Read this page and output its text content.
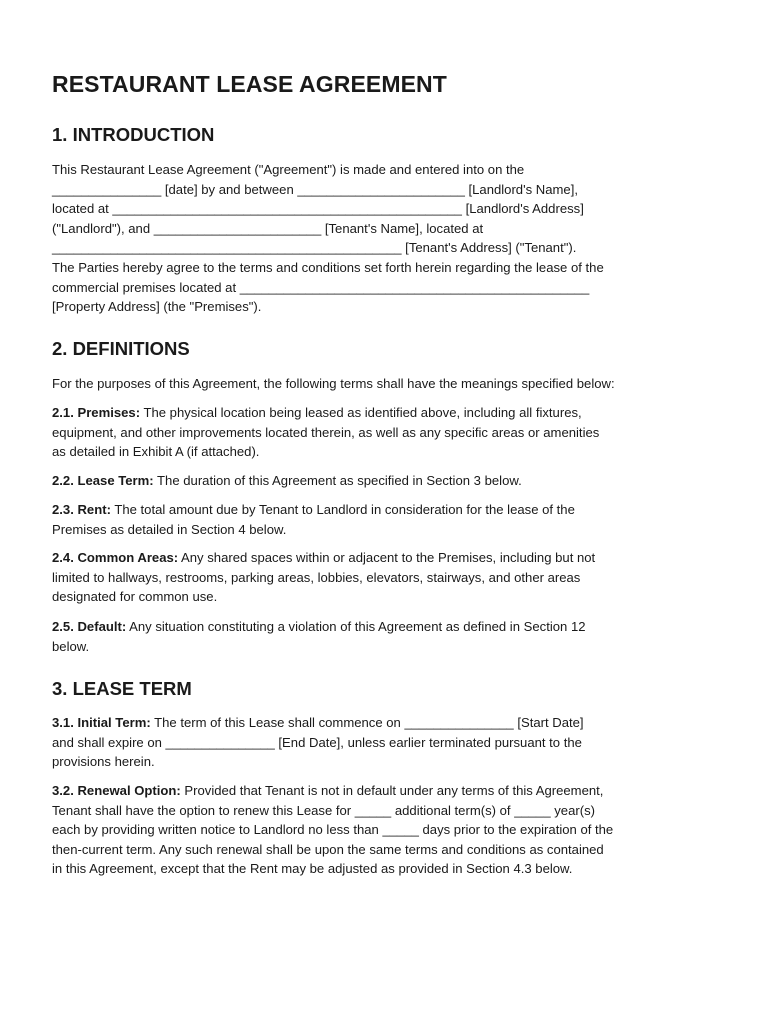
RESTAURANT LEASE AGREEMENT
1. INTRODUCTION
This Restaurant Lease Agreement ("Agreement") is made and entered into on the
_______________ [date] by and between _______________________ [Landlord's Name],
located at ________________________________________________ [Landlord's Address]
("Landlord"), and _______________________ [Tenant's Name], located at
________________________________________________ [Tenant's Address] ("Tenant").
The Parties hereby agree to the terms and conditions set forth herein regarding the lease of the
commercial premises located at ________________________________________________
[Property Address] (the "Premises").
2. DEFINITIONS

For the purposes of this Agreement, the following terms shall have the meanings specified below:

2.1. Premises: The physical location being leased as identified above, including all fixtures,
equipment, and other improvements located therein, as well as any specific areas or amenities
as detailed in Exhibit A (if attached).
2.2. Lease Term: The duration of this Agreement as specified in Section 3 below.
2.3. Rent: The total amount due by Tenant to Landlord in consideration for the lease of the
Premises as detailed in Section 4 below.
2.4. Common Areas: Any shared spaces within or adjacent to the Premises, including but not
limited to hallways, restrooms, parking areas, lobbies, elevators, stairways, and other areas
designated for common use.
2.5. Default: Any situation constituting a violation of this Agreement as defined in Section 12
below.
3. LEASE TERM
3.1. Initial Term: The term of this Lease shall commence on _______________ [Start Date]
and shall expire on _______________ [End Date], unless earlier terminated pursuant to the
provisions herein.
3.2. Renewal Option: Provided that Tenant is not in default under any terms of this Agreement,
Tenant shall have the option to renew this Lease for _____ additional term(s) of _____ year(s)
each by providing written notice to Landlord no less than _____ days prior to the expiration of the
then-current term. Any such renewal shall be upon the same terms and conditions as contained
in this Agreement, except that the Rent may be adjusted as provided in Section 4.3 below.
